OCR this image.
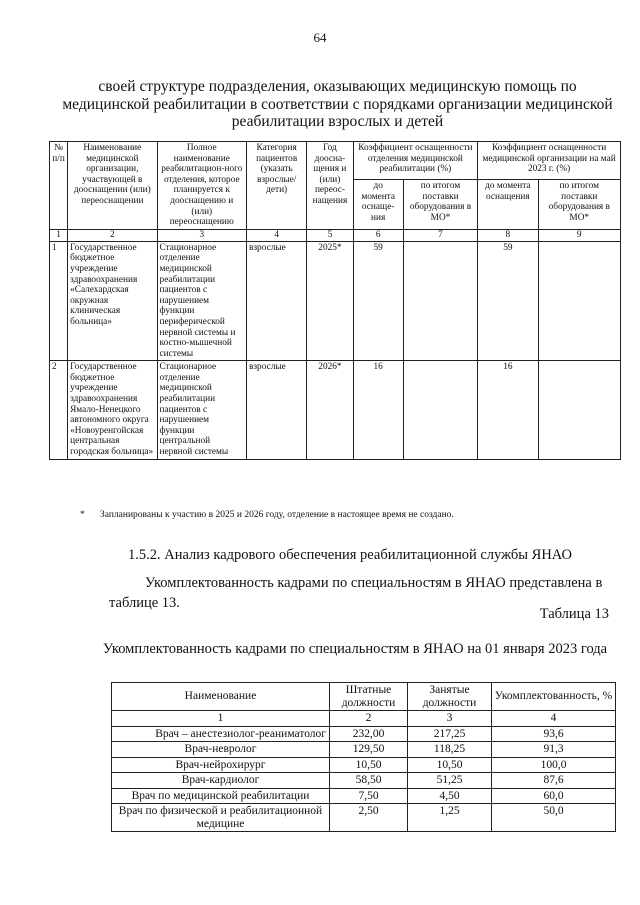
64
своей структуре подразделения, оказывающих медицинскую помощь по медицинской реабилитации в соответствии с порядками организации медицинской реабилитации взрослых и детей
№ п/п	Наименование медицинской организации, участвующей в дооснащении (или) переоснащении	Полное наименование реабилитацион-ного отделения, которое планируется к дооснащению и (или) переоснащению	Категория пациентов (указать взрослые/ дети)	Год доосна-щения и (или) переос-нащения	Коэффициент оснащенности отделения медицинской реабилитации (%)		Коэффициент оснащенности медицинской организации на май 2023 г. (%)	
					до момента оснаще-ния	по итогом поставки оборудования в МО*	до момента оснащения	по итогом поставки оборудования в МО*
1	2	3	4	5	6	7	8	9
1	Государственное бюджетное учреждение здравоохранения «Салехардская окружная клиническая больница»	Стационарное отделение медицинской реабилитации пациентов с нарушением функции периферической нервной системы и костно-мышечной системы	взрослые	2025*	59		59	
2	Государственное бюджетное учреждение здравоохранения Ямало-Ненецкого автономного округа «Новоуренгойская центральная городская больница»	Стационарное отделение медицинской реабилитации пациентов с нарушением функции центральной нервной системы	взрослые	2026*	16		16	
* Запланированы к участию в 2025 и 2026 году, отделение в настоящее время не создано.
1.5.2. Анализ кадрового обеспечения реабилитационной службы ЯНАО
Укомплектованность кадрами по специальностям в ЯНАО представлена в таблице 13.
Таблица 13
Укомплектованность кадрами по специальностям в ЯНАО на 01 января 2023 года
Наименование	Штатные должности	Занятые должности	Укомплектованность, %
1	2	3	4
Врач – анестезиолог-реаниматолог	232,00	217,25	93,6
Врач-невролог	129,50	118,25	91,3
Врач-нейрохирург	10,50	10,50	100,0
Врач-кардиолог	58,50	51,25	87,6
Врач по медицинской реабилитации	7,50	4,50	60,0
Врач по физической и реабилитационной медицине	2,50	1,25	50,0
